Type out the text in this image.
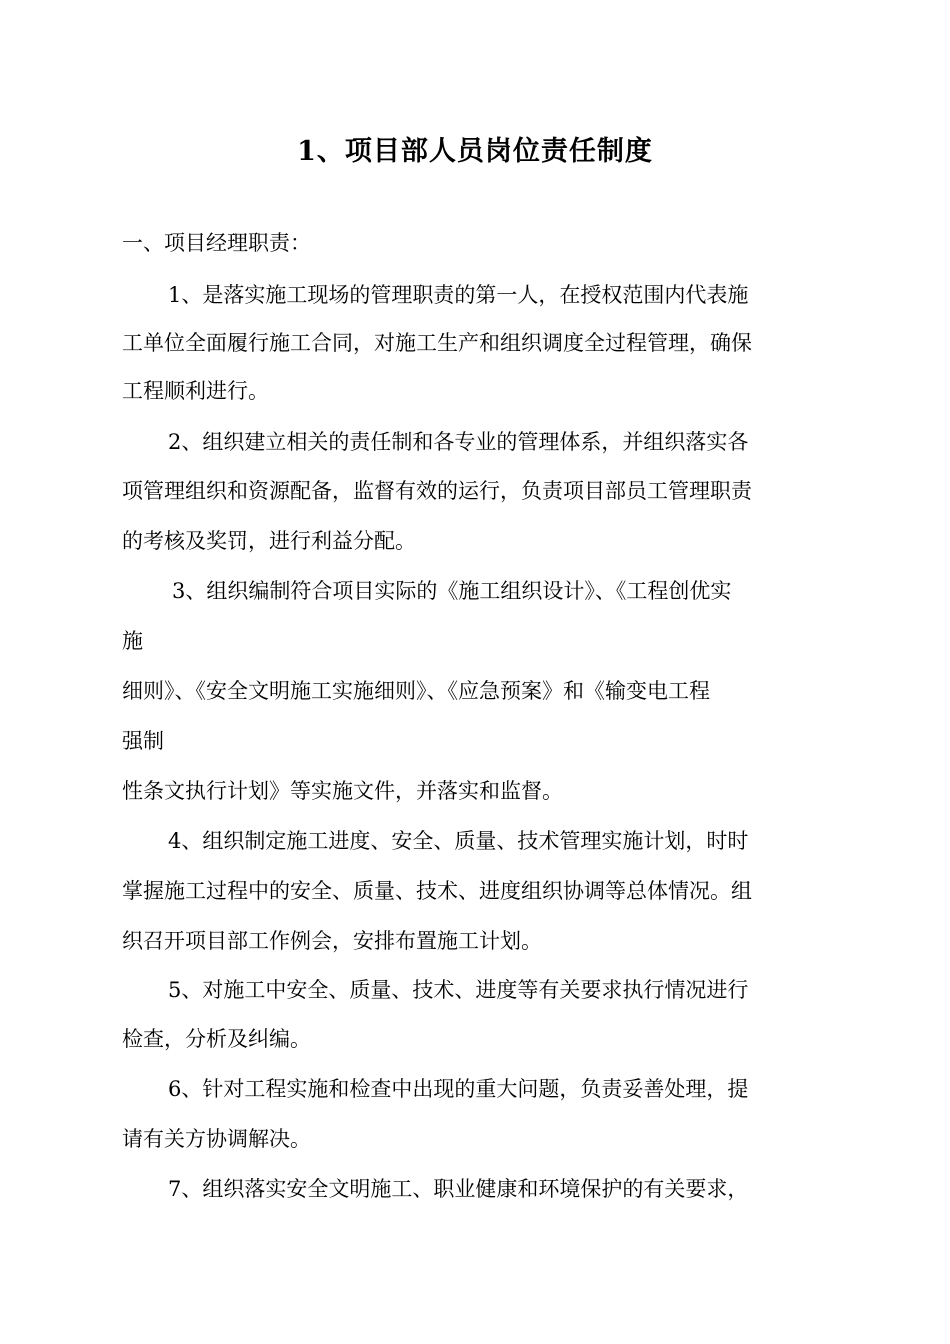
1、项目部人员岗位责任制度
一、项目经理职责：
1、是落实施工现场的管理职责的第一人，在授权范围内代表施
工单位全面履行施工合同，对施工生产和组织调度全过程管理，确保
工程顺利进行。
2、组织建立相关的责任制和各专业的管理体系，并组织落实各
项管理组织和资源配备，监督有效的运行，负责项目部员工管理职责
的考核及奖罚，进行利益分配。
3、组织编制符合项目实际的《施工组织设计》、《工程创优实
施
细则》、《安全文明施工实施细则》、《应急预案》和《输变电工程
强制
性条文执行计划》等实施文件，并落实和监督。
4、组织制定施工进度、安全、质量、技术管理实施计划，时时
掌握施工过程中的安全、质量、技术、进度组织协调等总体情况。组
织召开项目部工作例会，安排布置施工计划。
5、对施工中安全、质量、技术、进度等有关要求执行情况进行
检查，分析及纠编。
6、针对工程实施和检查中出现的重大问题，负责妥善处理，提
请有关方协调解决。
7、组织落实安全文明施工、职业健康和环境保护的有关要求，
